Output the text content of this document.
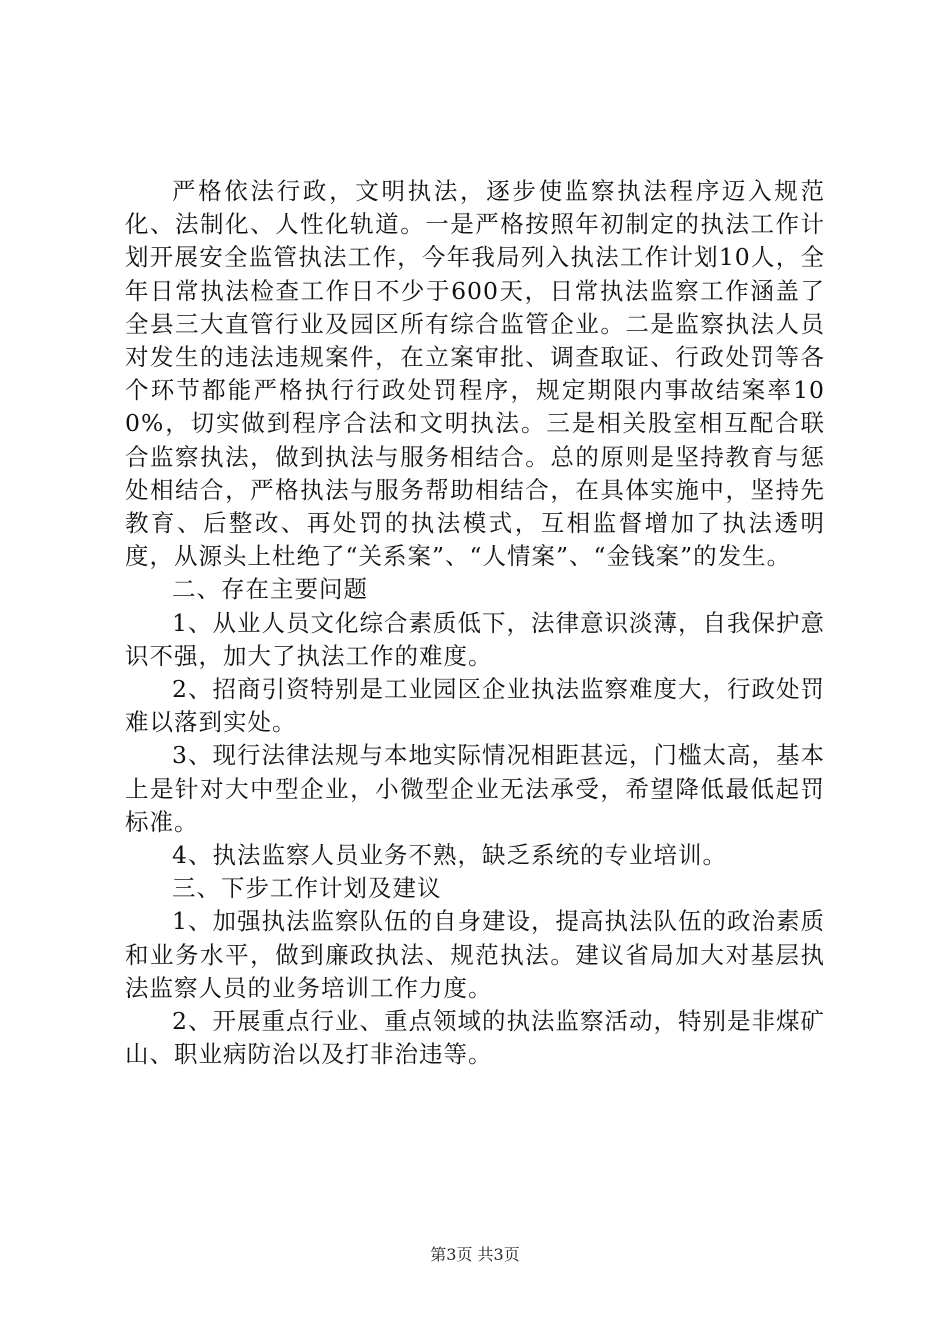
严格依法行政，文明执法，逐步使监察执法程序迈入规范化、法制化、人性化轨道。一是严格按照年初制定的执法工作计划开展安全监管执法工作，今年我局列入执法工作计划10人，全年日常执法检查工作日不少于600天，日常执法监察工作涵盖了全县三大直管行业及园区所有综合监管企业。二是监察执法人员对发生的违法违规案件，在立案审批、调查取证、行政处罚等各个环节都能严格执行行政处罚程序，规定期限内事故结案率100%，切实做到程序合法和文明执法。三是相关股室相互配合联合监察执法，做到执法与服务相结合。总的原则是坚持教育与惩处相结合，严格执法与服务帮助相结合，在具体实施中，坚持先教育、后整改、再处罚的执法模式，互相监督增加了执法透明度，从源头上杜绝了“关系案”、“人情案”、“金钱案”的发生。

二、存在主要问题

1、从业人员文化综合素质低下，法律意识淡薄，自我保护意识不强，加大了执法工作的难度。

2、招商引资特别是工业园区企业执法监察难度大，行政处罚难以落到实处。

3、现行法律法规与本地实际情况相距甚远，门槛太高，基本上是针对大中型企业，小微型企业无法承受，希望降低最低起罚标准。

4、执法监察人员业务不熟，缺乏系统的专业培训。

三、下步工作计划及建议

1、加强执法监察队伍的自身建设，提高执法队伍的政治素质和业务水平，做到廉政执法、规范执法。建议省局加大对基层执法监察人员的业务培训工作力度。

2、开展重点行业、重点领域的执法监察活动，特别是非煤矿山、职业病防治以及打非治违等。

第3页 共3页
